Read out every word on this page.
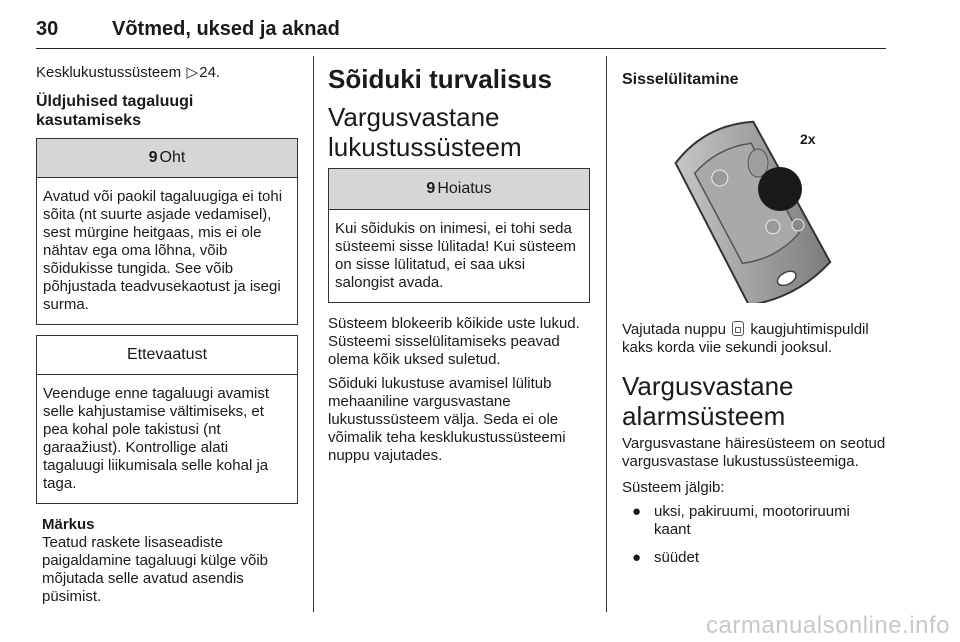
30	Võtmed, uksed ja aknad

Kesklukustussüsteem ▷24.

Üldjuhised tagaluugi kasutamiseks
9 Oht

Avatud või paokil tagaluugiga ei tohi sõita (nt suurte asjade vedamisel), sest mürgine heitgaas, mis ei ole nähtav ega oma lõhna, võib sõidukisse tungida. See võib põhjustada teadvusekaotust ja isegi surma.

Ettevaatust

Veenduge enne tagaluugi avamist selle kahjustamise vältimiseks, et pea kohal pole takistusi (nt garaažiust). Kontrollige alati tagaluugi liikumisala selle kohal ja taga.

Märkus

Teatud raskete lisaseadiste paigaldamine tagaluugi külge võib mõjutada selle avatud asendis püsimist.

Sõiduki turvalisus
Vargusvastane lukustussüsteem
9 Hoiatus

Kui sõidukis on inimesi, ei tohi seda süsteemi sisse lülitada! Kui süsteem on sisse lülitatud, ei saa uksi salongist avada.

Süsteem blokeerib kõikide uste lukud. Süsteemi sisselülitamiseks peavad olema kõik uksed suletud.

Sõiduki lukustuse avamisel lülitub mehaaniline vargusvastane lukustussüsteem välja. Seda ei ole võimalik teha kesklukustussüsteemi nuppu vajutades.

Sisselülitamine
2x

Vajutada nuppu kaugjuhtimispuldil kaks korda viie sekundi jooksul.

Vargusvastane alarmsüsteem

Vargusvastane häiresüsteem on seotud vargusvastase lukustussüsteemiga.

Süsteem jälgib:

● uksi, pakiruumi, mootoriruumi kaant
● süüdet
carmanualsonline.info
